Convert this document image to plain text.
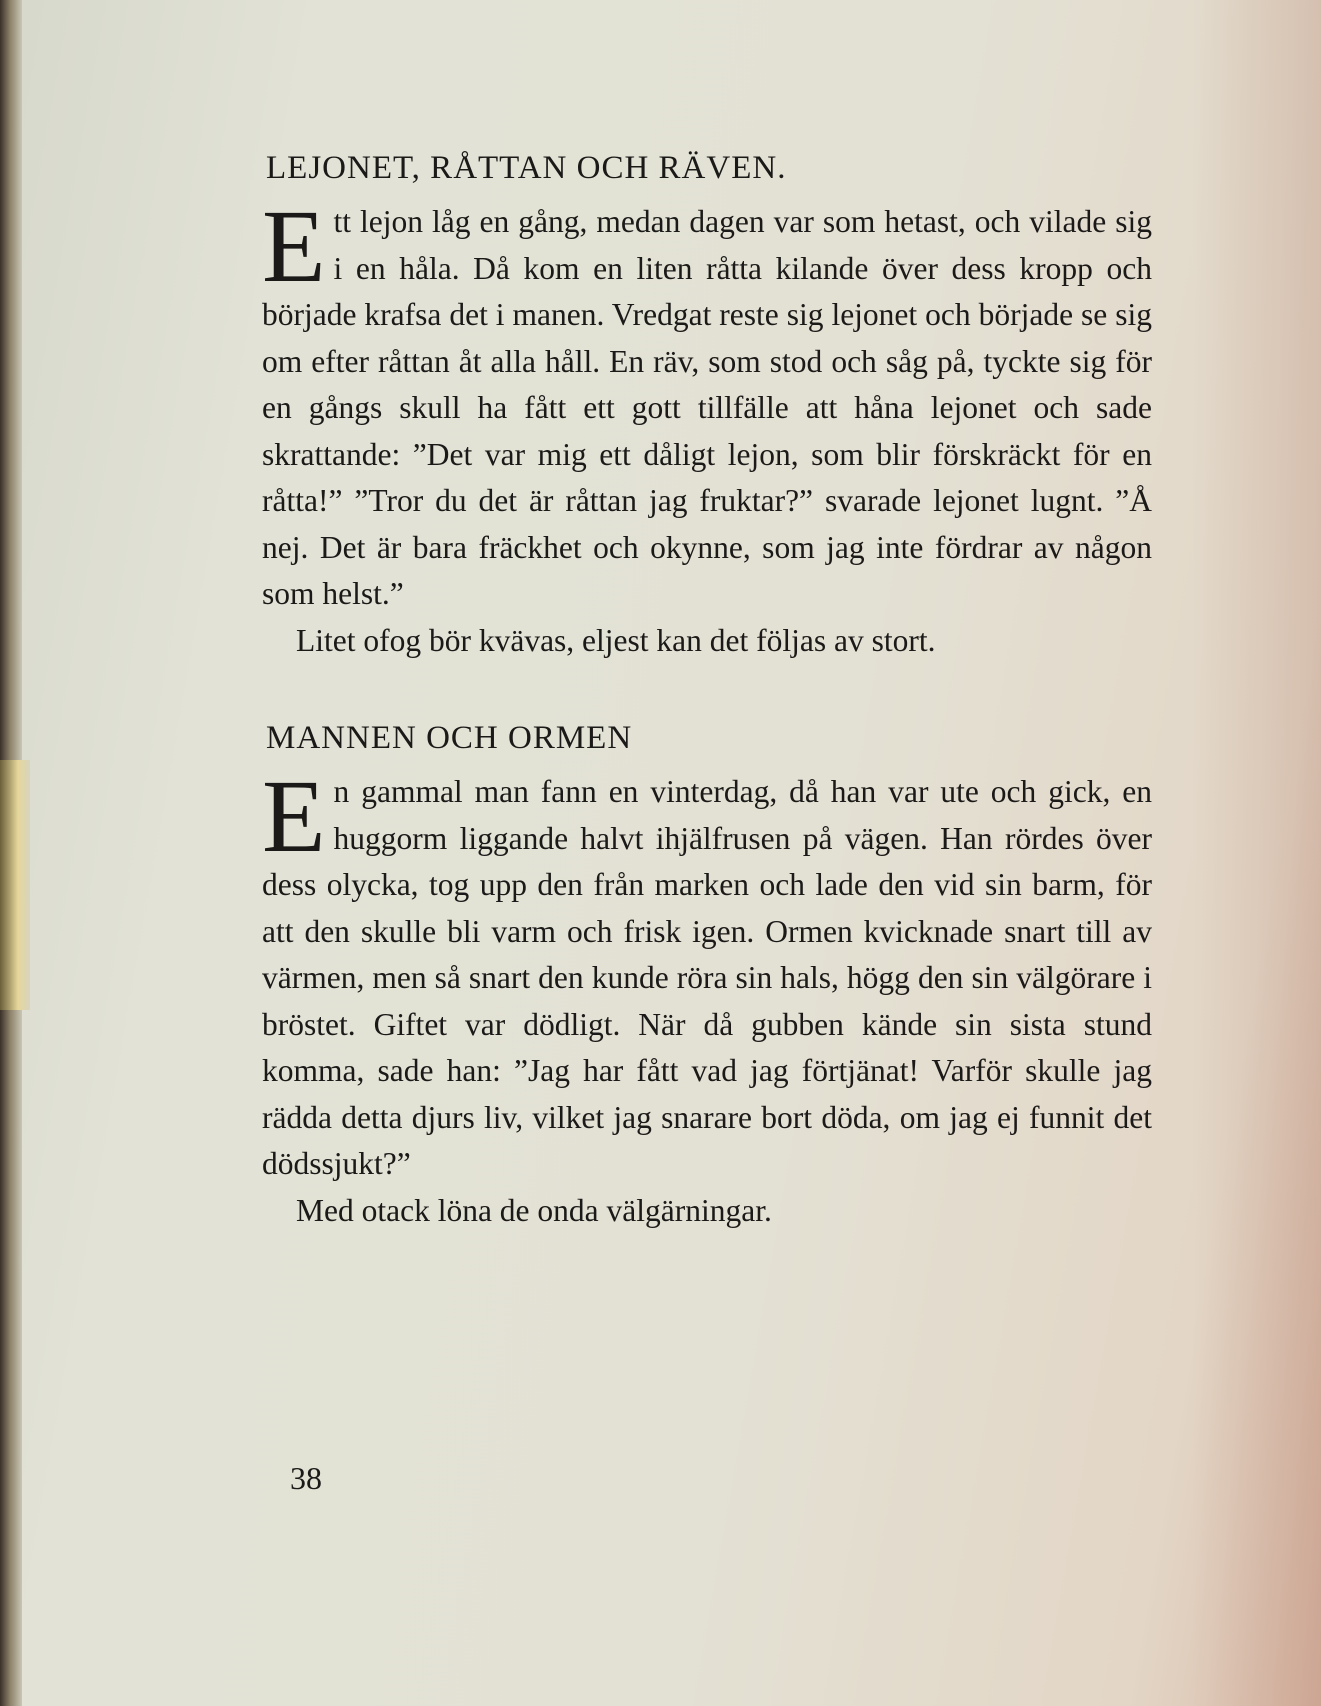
LEJONET, RÅTTAN OCH RÄVEN.

Ett lejon låg en gång, medan dagen var som hetast, och vilade sig i en håla. Då kom en liten råtta kilande över dess kropp och började krafsa det i manen. Vredgat reste sig lejonet och började se sig om efter råttan åt alla håll. En räv, som stod och såg på, tyckte sig för en gångs skull ha fått ett gott tillfälle att håna lejonet och sade skrattande: ”Det var mig ett dåligt lejon, som blir förskräckt för en råtta!” ”Tror du det är råttan jag fruktar?” svarade lejonet lugnt. ”Å nej. Det är bara fräckhet och okynne, som jag inte fördrar av någon som helst.”

Litet ofog bör kvävas, eljest kan det följas av stort.

MANNEN OCH ORMEN

En gammal man fann en vinterdag, då han var ute och gick, en huggorm liggande halvt ihjälfrusen på vägen. Han rördes över dess olycka, tog upp den från marken och lade den vid sin barm, för att den skulle bli varm och frisk igen. Ormen kvicknade snart till av värmen, men så snart den kunde röra sin hals, högg den sin välgörare i bröstet. Giftet var dödligt. När då gubben kände sin sista stund komma, sade han: ”Jag har fått vad jag förtjänat! Varför skulle jag rädda detta djurs liv, vilket jag snarare bort döda, om jag ej funnit det dödssjukt?”

Med otack löna de onda välgärningar.

38
